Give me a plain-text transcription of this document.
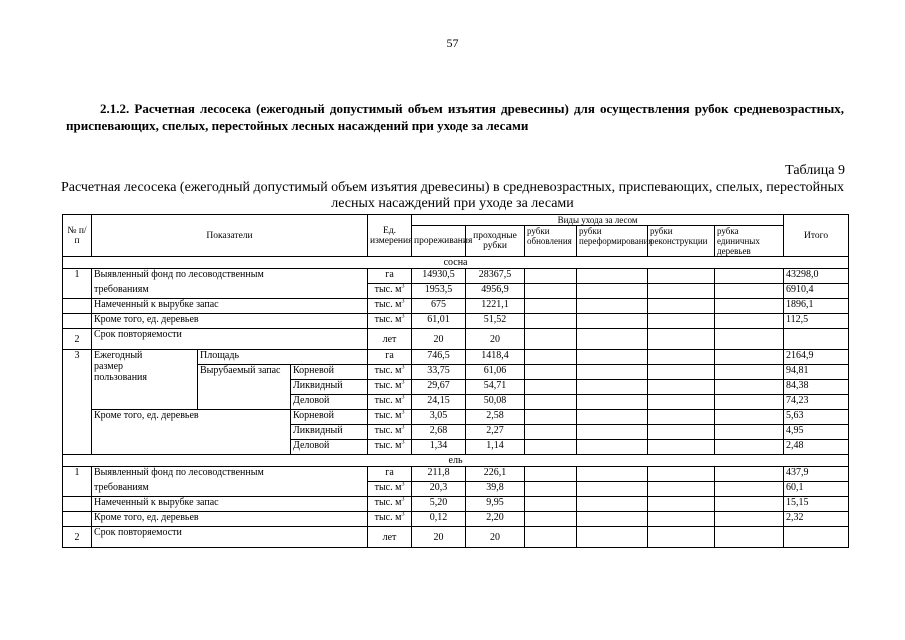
57
2.1.2. Расчетная лесосека (ежегодный допустимый объем изъятия древесины) для осуществления рубок средневозрастных, приспевающих, спелых, перестойных лесных насаждений при уходе за лесами
Таблица 9
Расчетная лесосека (ежегодный допустимый объем изъятия древесины) в средневозрастных, приспевающих, спелых, перестойных лесных насаждений при уходе за лесами
№ п/п	Показатели			Ед. измерения	Виды ухода за лесом						Итого
					прореживания	проходные рубки	рубки обновления	рубки переформирования	рубки реконструкции	рубка единичных деревьев	
сосна											
1	Выявленный фонд по лесоводственным			га	14930,5	28367,5					43298,0
	требованиям			тыс. $м^3$	1953,5	4956,9					6910,4
	Намеченный к вырубке запас			тыс. $м^3$	675	1221,1					1896,1
	Кроме того, ед. деревьев			тыс. $м^3$	61,01	51,52					112,5
2	Срок повторяемости			лет	20	20					
3	Ежегодный
размер
пользования	Площадь		га	746,5	1418,4					2164,9
		Вырубаемый запас	Корневой	тыс. $м^3$	33,75	61,06					94,81
			Ликвидный	тыс. $м^3$	29,67	54,71					84,38
			Деловой	тыс. $м^3$	24,15	50,08					74,23
	Кроме того, ед. деревьев		Корневой	тыс. $м^3$	3,05	2,58					5,63
			Ликвидный	тыс. $м^3$	2,68	2,27					4,95
			Деловой	тыс. $м^3$	1,34	1,14					2,48
ель											
1	Выявленный фонд по лесоводственным			га	211,8	226,1					437,9
	требованиям			тыс. $м^3$	20,3	39,8					60,1
	Намеченный к вырубке запас			тыс. $м^3$	5,20	9,95					15,15
	Кроме того, ед. деревьев			тыс. $м^3$	0,12	2,20					2,32
2	Срок повторяемости			лет	20	20					
